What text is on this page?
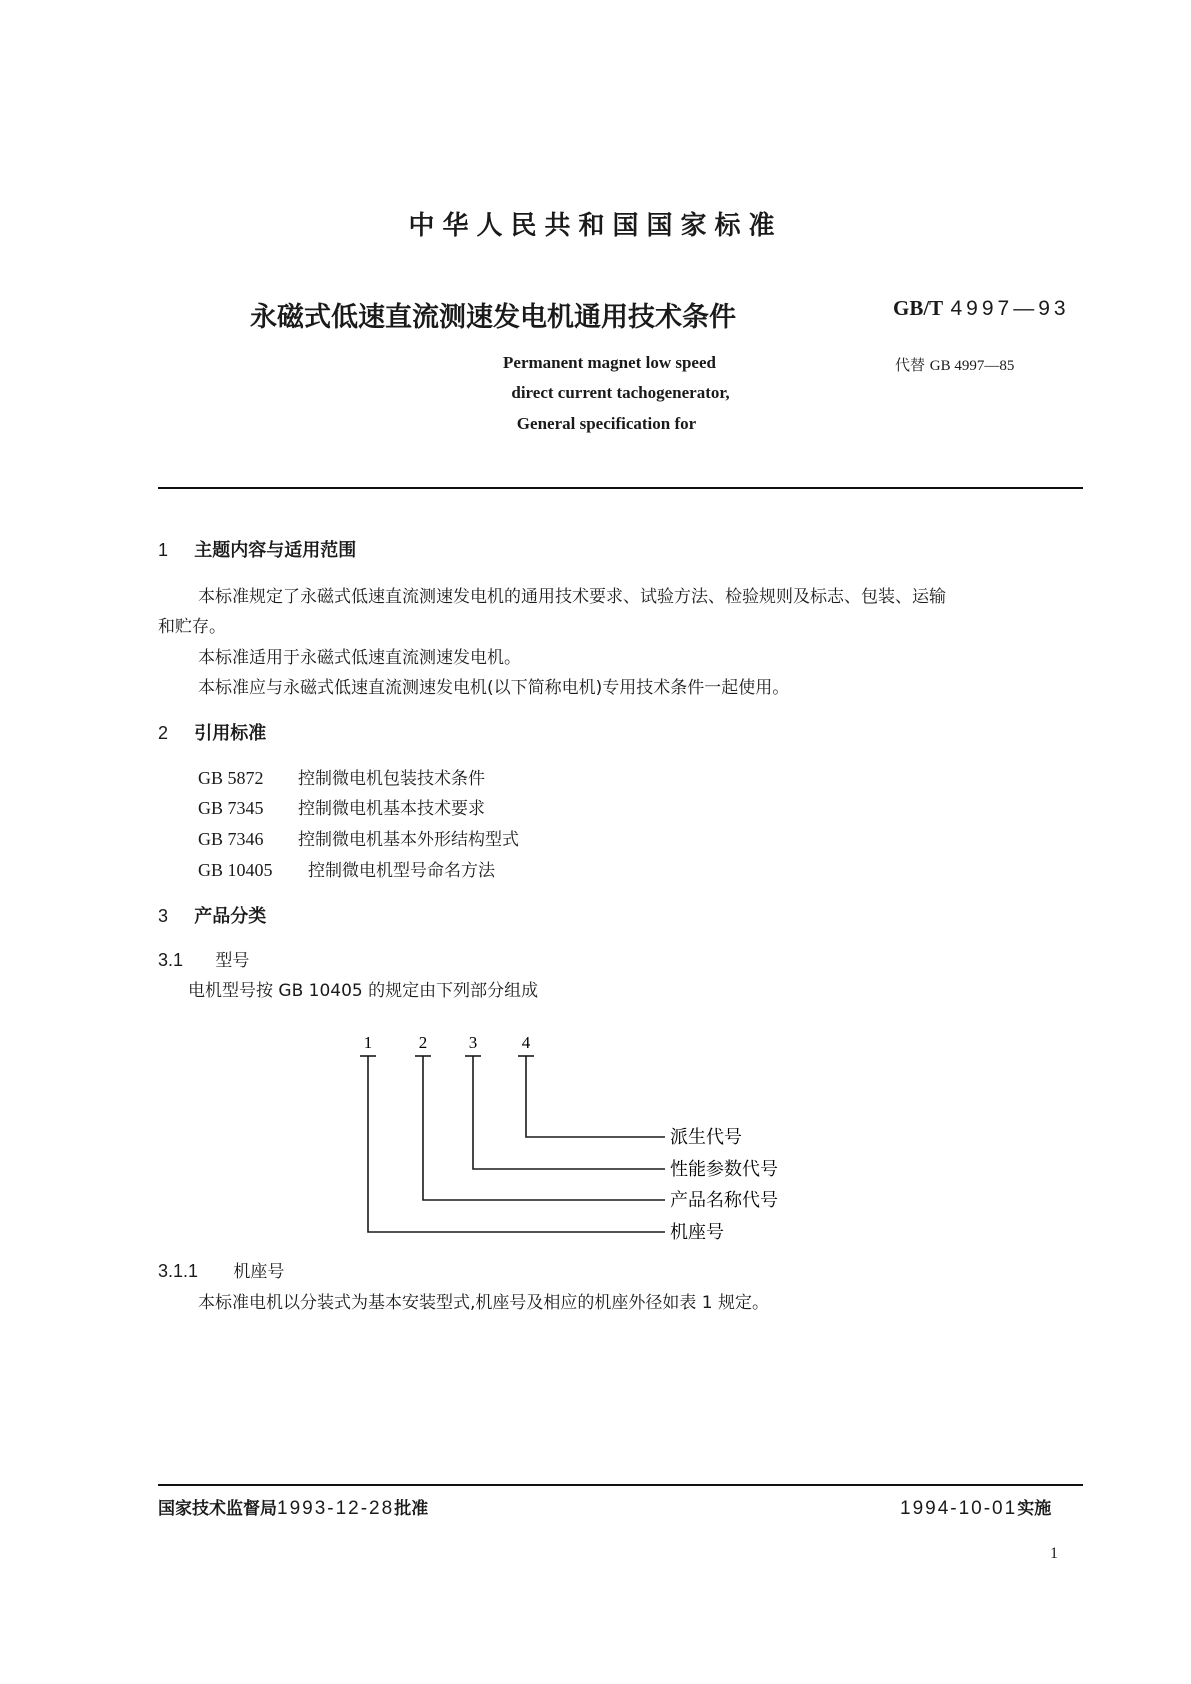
中华人民共和国国家标准
永磁式低速直流测速发电机通用技术条件	GB/T 4997—93
代替 GB 4997—85
Permanent magnet low speed
direct current tachogenerator,
General specification for
1 主题内容与适用范围
本标准规定了永磁式低速直流测速发电机的通用技术要求、试验方法、检验规则及标志、包装、运输
和贮存。
本标准适用于永磁式低速直流测速发电机。
本标准应与永磁式低速直流测速发电机(以下简称电机)专用技术条件一起使用。
2 引用标准
GB 5872 控制微电机包装技术条件
GB 7345 控制微电机基本技术要求
GB 7346 控制微电机基本外形结构型式
GB 10405 控制微电机型号命名方法
3 产品分类
3.1 型号
电机型号按 GB 10405 的规定由下列部分组成
1	2 3	4
派生代号
性能参数代号
产品名称代号
机座号
3.1.1 机座号
本标准电机以分装式为基本安装型式,机座号及相应的机座外径如表 1 规定。
国家技术监督局1993-12-28批准	1994-10-01实施
1
